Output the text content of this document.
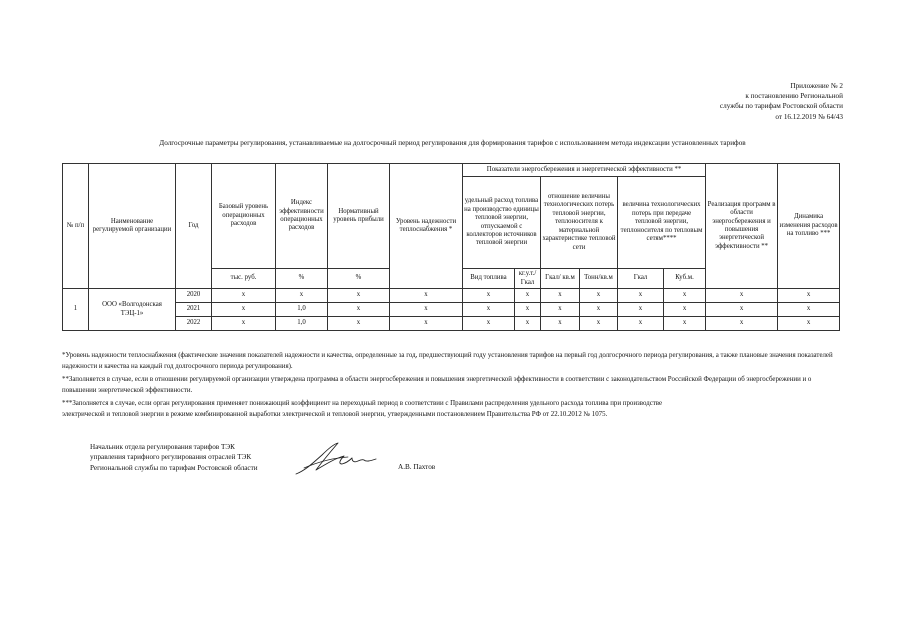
Приложение № 2
к постановлению Региональной
службы по тарифам Ростовской области
от 16.12.2019 № 64/43
Долгосрочные параметры регулирования, устанавливаемые на долгосрочный период регулирования для формирования тарифов с использованием метода индексации установленных тарифов
№ п/п	Наименование регулируемой организации	Год	Базовый уровень операционных расходов	Индекс эффективности операционных расходов	Нормативный уровень прибыли	Уровень надежности теплоснабжения *	Показатели энергосбережения и энергетической эффективности **						Реализация программ в области энергосбережения и повышения энергетической эффективности **	Динамика изменения расходов на топливо ***
							удельный расход топлива на производство единицы тепловой энергии, отпускаемой с коллекторов источников тепловой энергии		отношение величины технологических потерь тепловой энергии, теплоносителя к материальной характеристике тепловой сети		величина технологических потерь при передаче тепловой энергии, теплоносителя по тепловым сетям****			
			тыс. руб.	%	%		Вид топлива	кг.у.т./Гкал	Гкал/ кв.м	Тонн/кв.м	Гкал	Куб.м.		
1	ООО «Волгодонская ТЭЦ-1»	2020	х	х	х	х	х	х	х	х	х	х	х	х
		2021	х	1,0	х	х	х	х	х	х	х	х	х	х
		2022	х	1,0	х	х	х	х	х	х	х	х	х	х

*Уровень надежности теплоснабжения (фактические значения показателей надежности и качества, определенные за год, предшествующий году установления тарифов на первый год долгосрочного периода регулирования, а также плановые значения показателей надежности и качества на каждый год долгосрочного периода регулирования).

**Заполняется в случае, если в отношении регулируемой организации утверждена программа в области энергосбережения и повышения энергетической эффективности в соответствии с законодательством Российской Федерации об энергосбережении и о повышении энергетической эффективности.

***Заполняется в случае, если орган регулирования применяет понижающий коэффициент на переходный период в соответствии с Правилами распределения удельного расхода топлива при производстве

электрической и тепловой энергии в режиме комбинированной выработки электрической и тепловой энергии, утвержденными постановлением Правительства РФ от 22.10.2012 № 1075.

Начальник отдела регулирования тарифов ТЭК
управления тарифного регулирования отраслей ТЭК
Региональной службы по тарифам Ростовской области	А.В. Пахтов
